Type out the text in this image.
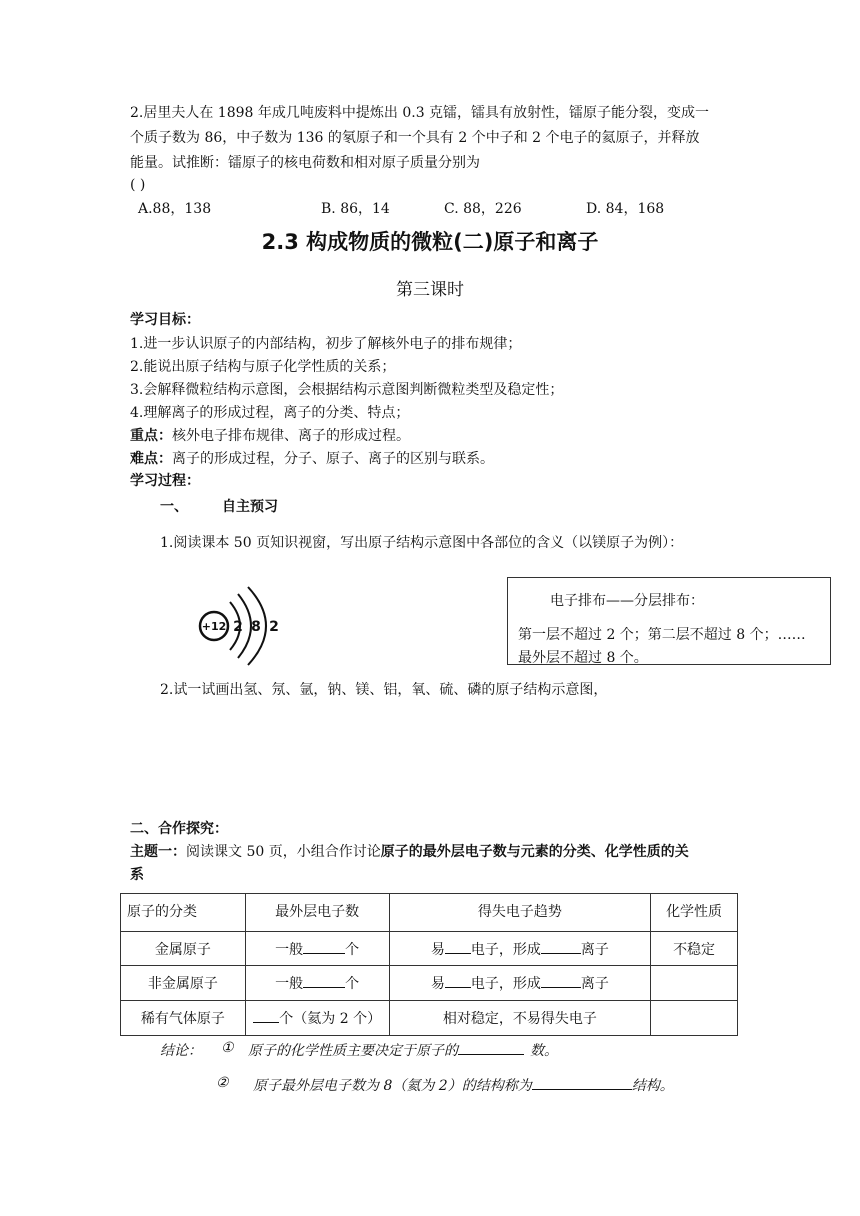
2.居里夫人在 1898 年成几吨废料中提炼出 0.3 克镭，镭具有放射性，镭原子能分裂，变成一
个质子数为 86，中子数为 136 的氡原子和一个具有 2 个中子和 2 个电子的氦原子，并释放
能量。试推断：镭原子的核电荷数和相对原子质量分别为
( )
A.88，138	B. 86，14	C. 88，226	D. 84，168
2.3 构成物质的微粒(二)原子和离子
第三课时
学习目标：
1.进一步认识原子的内部结构，初步了解核外电子的排布规律；
2.能说出原子结构与原子化学性质的关系；
3.会解释微粒结构示意图，会根据结构示意图判断微粒类型及稳定性；
4.理解离子的形成过程，离子的分类、特点；
重点：核外电子排布规律、离子的形成过程。
难点：离子的形成过程，分子、原子、离子的区别与联系。
学习过程：
一、 自主预习
1.阅读课本 50 页知识视窗，写出原子结构示意图中各部位的含义（以镁原子为例）：
+12 2 8 2
电子排布——分层排布：
第一层不超过 2 个；第二层不超过 8 个；……
最外层不超过 8 个。
2.试一试画出氢、氖、氩，钠、镁、铝，氧、硫、磷的原子结构示意图，
二、合作探究：
主题一：阅读课文 50 页，小组合作讨论原子的最外层电子数与元素的分类、化学性质的关
系
原子的分类	最外层电子数	得失电子趋势	化学性质
金属原子	一般 个	易 电子，形成 离子	不稳定
非金属原子	一般 个	易 电子，形成 离子	
稀有气体原子	个（氦为 2 个）	相对稳定，不易得失电子	
结论： ① 原子的化学性质主要决定于原子的	数。
② 原子最外层电子数为 8（氦为 2）的结构称为	结构。
